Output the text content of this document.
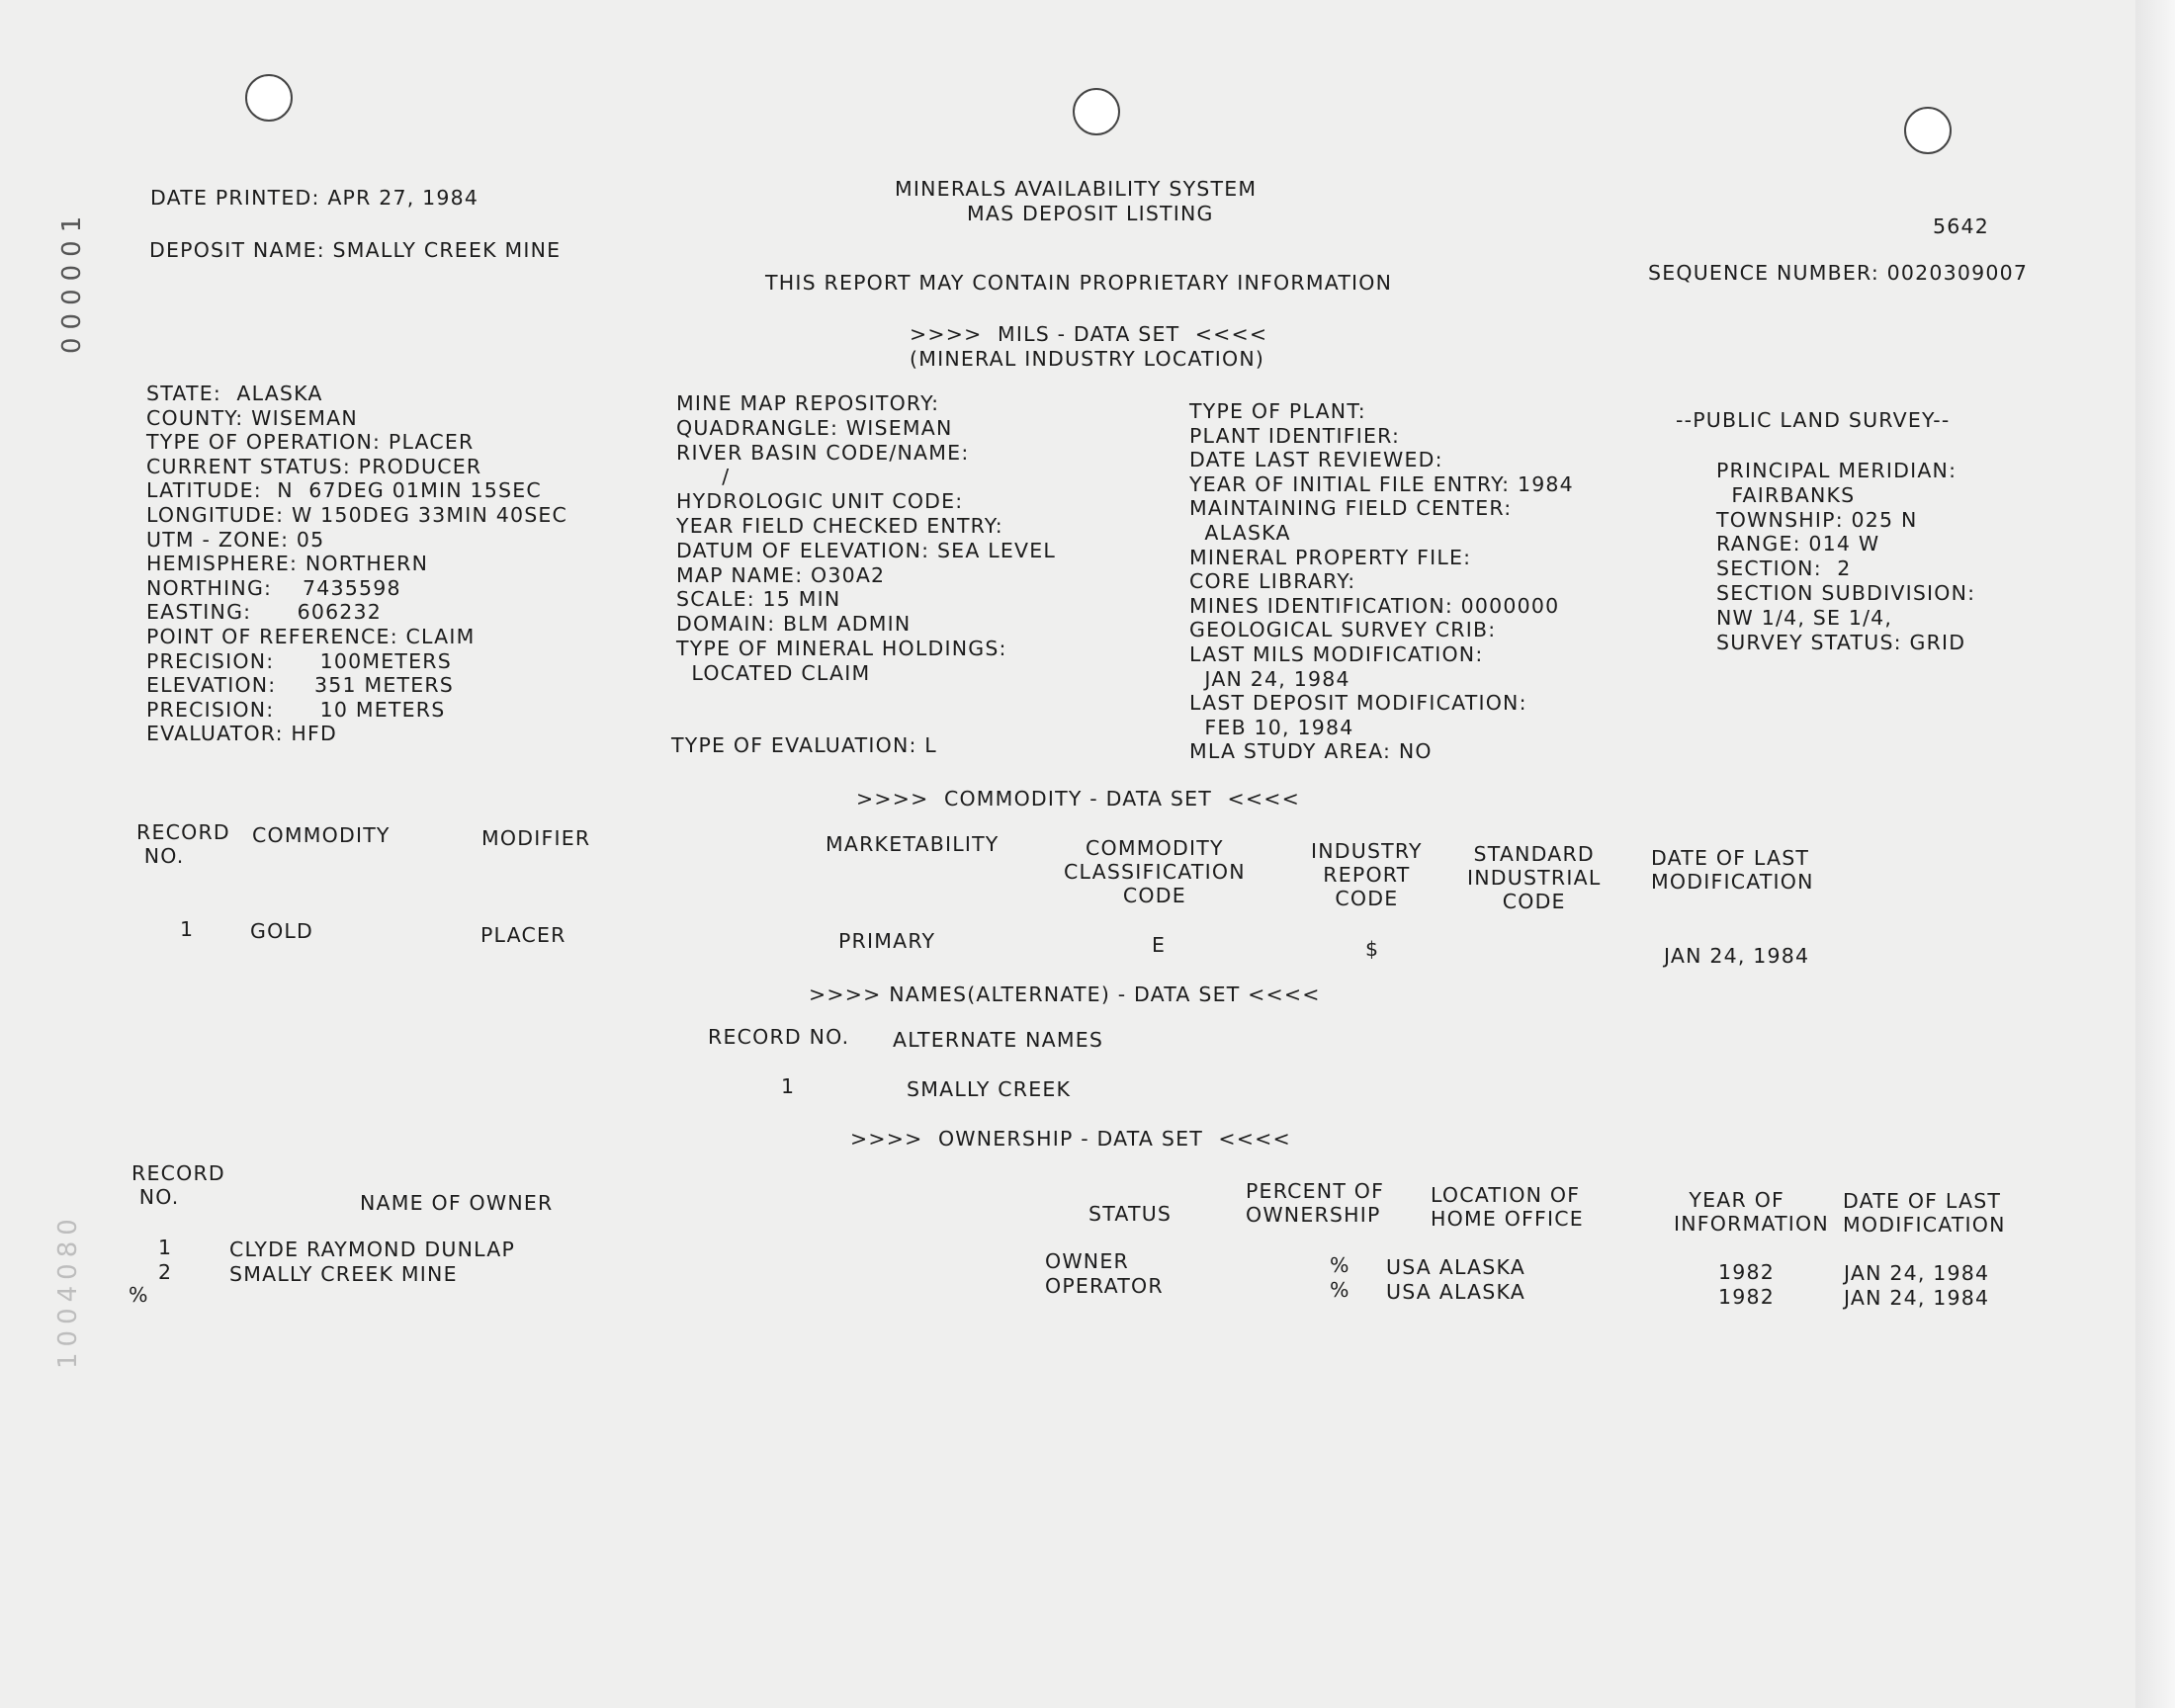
000001
1004080
DATE PRINTED: APR 27, 1984
DEPOSIT NAME: SMALLY CREEK MINE
MINERALS AVAILABILITY SYSTEM
MAS DEPOSIT LISTING
5642
SEQUENCE NUMBER: 0020309007
THIS REPORT MAY CONTAIN PROPRIETARY INFORMATION
>>>>  MILS - DATA SET  <<<<
(MINERAL INDUSTRY LOCATION)
STATE:  ALASKA
COUNTY: WISEMAN
TYPE OF OPERATION: PLACER
CURRENT STATUS: PRODUCER
LATITUDE:  N  67DEG 01MIN 15SEC
LONGITUDE: W 150DEG 33MIN 40SEC
UTM - ZONE: 05
HEMISPHERE: NORTHERN
NORTHING:    7435598
EASTING:      606232
POINT OF REFERENCE: CLAIM
PRECISION:      100METERS
ELEVATION:     351 METERS
PRECISION:      10 METERS
EVALUATOR: HFD
MINE MAP REPOSITORY:
QUADRANGLE: WISEMAN
RIVER BASIN CODE/NAME:
/
HYDROLOGIC UNIT CODE:
YEAR FIELD CHECKED ENTRY:
DATUM OF ELEVATION: SEA LEVEL
MAP NAME: O30A2
SCALE: 15 MIN
DOMAIN: BLM ADMIN
TYPE OF MINERAL HOLDINGS:
LOCATED CLAIM
TYPE OF EVALUATION: L
TYPE OF PLANT:
PLANT IDENTIFIER:
DATE LAST REVIEWED:
YEAR OF INITIAL FILE ENTRY: 1984
MAINTAINING FIELD CENTER:
ALASKA
MINERAL PROPERTY FILE:
CORE LIBRARY:
MINES IDENTIFICATION: 0000000
GEOLOGICAL SURVEY CRIB:
LAST MILS MODIFICATION:
JAN 24, 1984
LAST DEPOSIT MODIFICATION:
FEB 10, 1984
MLA STUDY AREA: NO
--PUBLIC LAND SURVEY--
PRINCIPAL MERIDIAN:
FAIRBANKS
TOWNSHIP: 025 N
RANGE: 014 W
SECTION:  2
SECTION SUBDIVISION:
NW 1/4, SE 1/4,
SURVEY STATUS: GRID
>>>>  COMMODITY - DATA SET  <<<<
RECORD
NO.
COMMODITY	MODIFIER	MARKETABILITY	COMMODITY
CLASSIFICATION
CODE
INDUSTRY
REPORT
CODE
STANDARD
INDUSTRIAL
CODE
DATE OF LAST
MODIFICATION
1	GOLD	PLACER	PRIMARY	E	$	JAN 24, 1984
>>>> NAMES(ALTERNATE) - DATA SET <<<<
RECORD NO. ALTERNATE NAMES
1	SMALLY CREEK
>>>>  OWNERSHIP - DATA SET  <<<<
RECORD
NO.	NAME OF OWNER	STATUS
PERCENT OF
OWNERSHIP
LOCATION OF
HOME OFFICE
YEAR OF
INFORMATION
DATE OF LAST
MODIFICATION
1	CLYDE RAYMOND DUNLAP	OWNER	% USA ALASKA	1982	JAN 24, 1984
2	SMALLY CREEK MINE	OPERATOR	% USA ALASKA	1982	JAN 24, 1984
%
